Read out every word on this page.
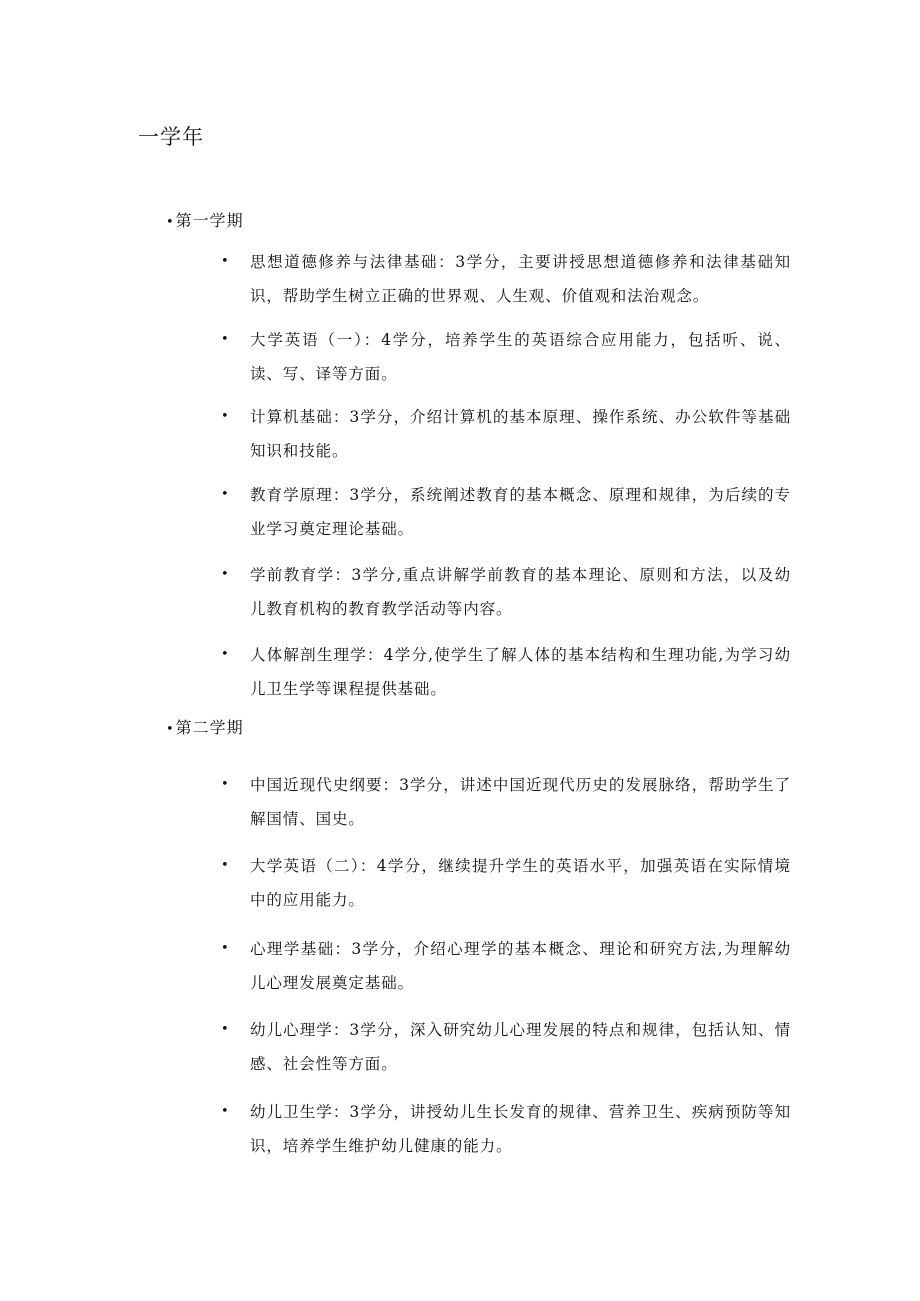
一学年
•第一学期
• 思想道德修养与法律基础：3学分，主要讲授思想道德修养和法律基础知识，帮助学生树立正确的世界观、人生观、价值观和法治观念。
• 大学英语（一）：4学分，培养学生的英语综合应用能力，包括听、说、读、写、译等方面。
• 计算机基础：3学分，介绍计算机的基本原理、操作系统、办公软件等基础知识和技能。
• 教育学原理：3学分，系统阐述教育的基本概念、原理和规律，为后续的专业学习奠定理论基础。
• 学前教育学：3学分,重点讲解学前教育的基本理论、原则和方法，以及幼儿教育机构的教育教学活动等内容。
• 人体解剖生理学：4学分,使学生了解人体的基本结构和生理功能,为学习幼儿卫生学等课程提供基础。
•第二学期
• 中国近现代史纲要：3学分，讲述中国近现代历史的发展脉络，帮助学生了解国情、国史。
• 大学英语（二）：4学分，继续提升学生的英语水平，加强英语在实际情境中的应用能力。
• 心理学基础：3学分，介绍心理学的基本概念、理论和研究方法,为理解幼儿心理发展奠定基础。
• 幼儿心理学：3学分，深入研究幼儿心理发展的特点和规律，包括认知、情感、社会性等方面。
• 幼儿卫生学：3学分，讲授幼儿生长发育的规律、营养卫生、疾病预防等知识，培养学生维护幼儿健康的能力。
